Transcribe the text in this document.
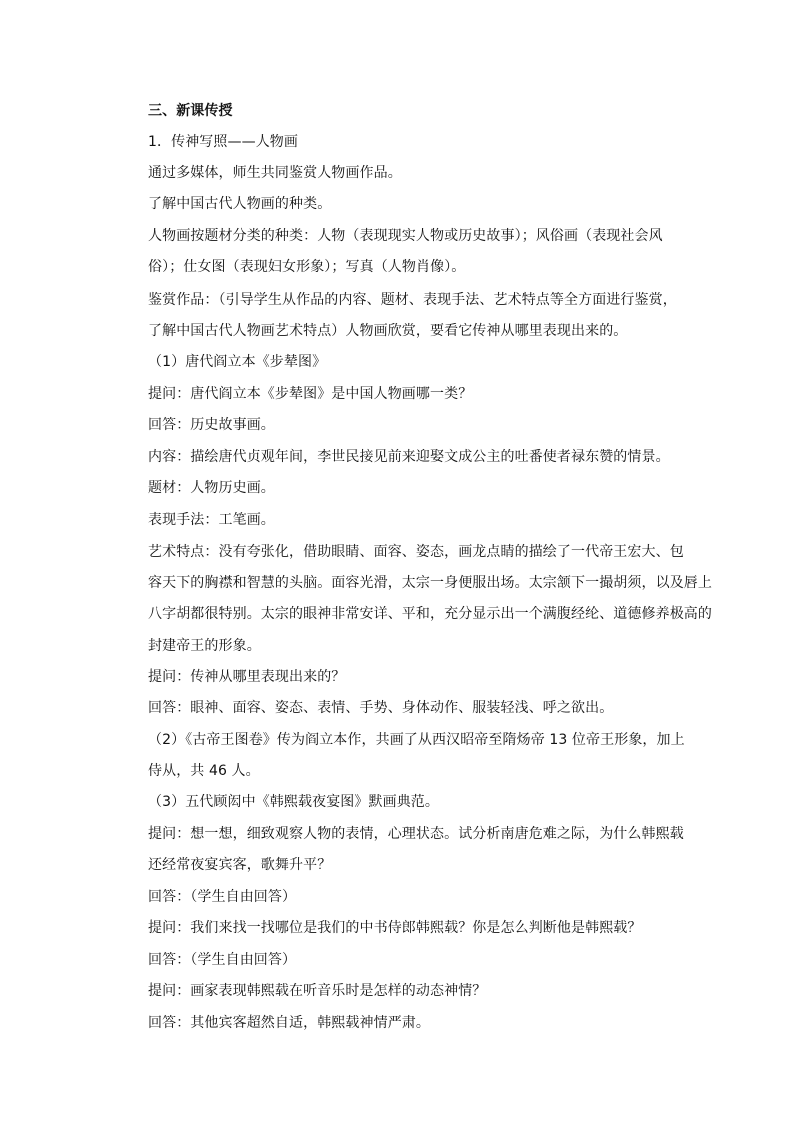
三、新课传授
1．传神写照——人物画
通过多媒体，师生共同鉴赏人物画作品。
了解中国古代人物画的种类。
人物画按题材分类的种类：人物（表现现实人物或历史故事）；风俗画（表现社会风
俗）；仕女图（表现妇女形象）；写真（人物肖像）。
鉴赏作品：（引导学生从作品的内容、题材、表现手法、艺术特点等全方面进行鉴赏，
了解中国古代人物画艺术特点）人物画欣赏，要看它传神从哪里表现出来的。
（1）唐代阎立本《步辇图》
提问：唐代阎立本《步辇图》是中国人物画哪一类？
回答：历史故事画。
内容：描绘唐代贞观年间，李世民接见前来迎娶文成公主的吐番使者禄东赞的情景。
题材：人物历史画。
表现手法：工笔画。
艺术特点：没有夸张化，借助眼睛、面容、姿态，画龙点睛的描绘了一代帝王宏大、包
容天下的胸襟和智慧的头脑。面容光滑，太宗一身便服出场。太宗颔下一撮胡须，以及唇上
八字胡都很特别。太宗的眼神非常安详、平和，充分显示出一个满腹经纶、道德修养极高的
封建帝王的形象。
提问：传神从哪里表现出来的？
回答：眼神、面容、姿态、表情、手势、身体动作、服装轻浅、呼之欲出。
（2）《古帝王图卷》传为阎立本作，共画了从西汉昭帝至隋炀帝 13 位帝王形象，加上
侍从，共 46 人。
（3）五代顾闳中《韩熙载夜宴图》默画典范。
提问：想一想，细致观察人物的表情，心理状态。试分析南唐危难之际，为什么韩熙载
还经常夜宴宾客，歌舞升平？
回答：（学生自由回答）
提问：我们来找一找哪位是我们的中书侍郎韩熙载？你是怎么判断他是韩熙载？
回答：（学生自由回答）
提问：画家表现韩熙载在听音乐时是怎样的动态神情？
回答：其他宾客超然自适，韩熙载神情严肃。
